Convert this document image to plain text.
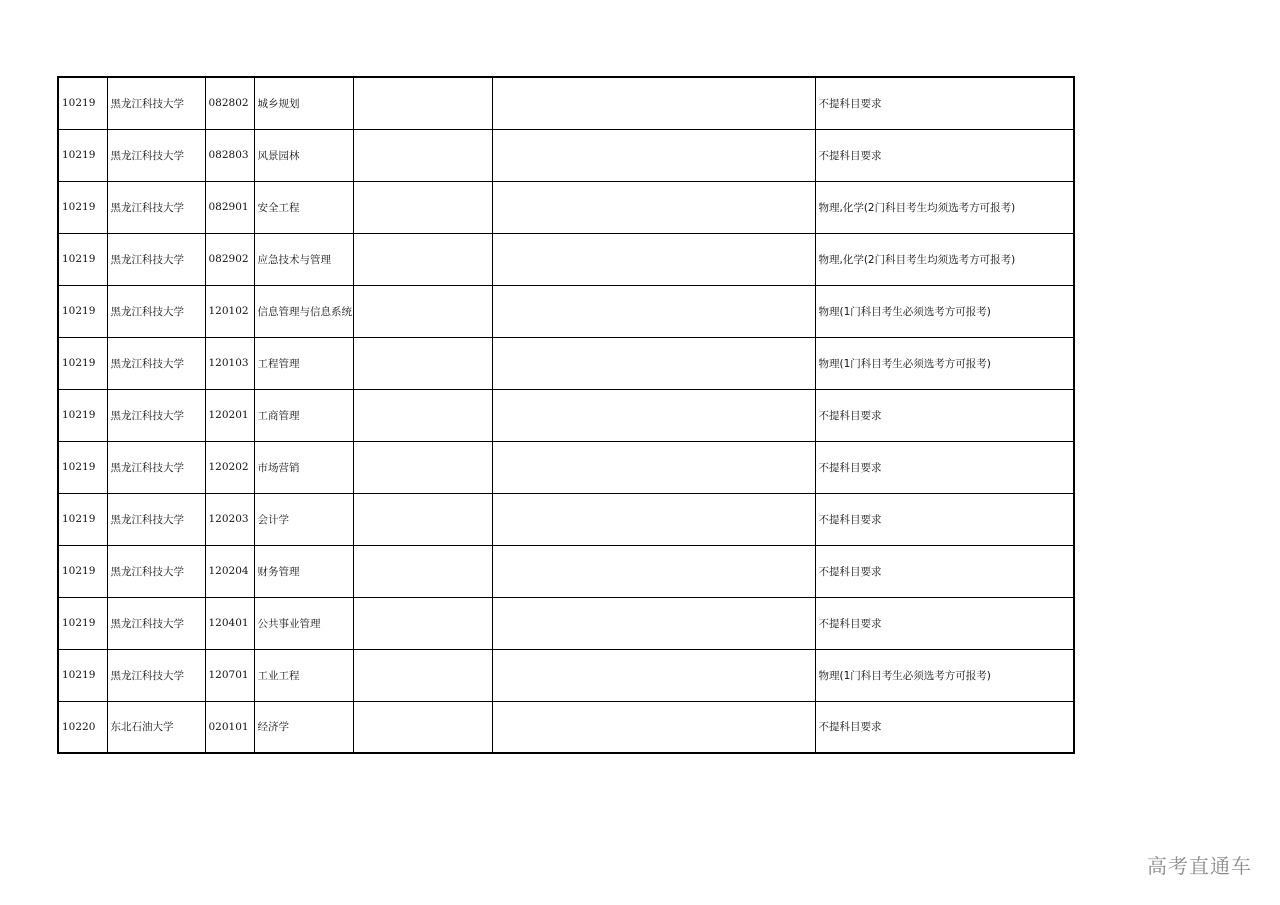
10219	黑龙江科技大学	082802	城乡规划			不提科目要求
10219	黑龙江科技大学	082803	风景园林			不提科目要求
10219	黑龙江科技大学	082901	安全工程			物理,化学(2门科目考生均须选考方可报考)
10219	黑龙江科技大学	082902	应急技术与管理			物理,化学(2门科目考生均须选考方可报考)
10219	黑龙江科技大学	120102	信息管理与信息系统			物理(1门科目考生必须选考方可报考)
10219	黑龙江科技大学	120103	工程管理			物理(1门科目考生必须选考方可报考)
10219	黑龙江科技大学	120201	工商管理			不提科目要求
10219	黑龙江科技大学	120202	市场营销			不提科目要求
10219	黑龙江科技大学	120203	会计学			不提科目要求
10219	黑龙江科技大学	120204	财务管理			不提科目要求
10219	黑龙江科技大学	120401	公共事业管理			不提科目要求
10219	黑龙江科技大学	120701	工业工程			物理(1门科目考生必须选考方可报考)
10220	东北石油大学	020101	经济学			不提科目要求
高考直通车
